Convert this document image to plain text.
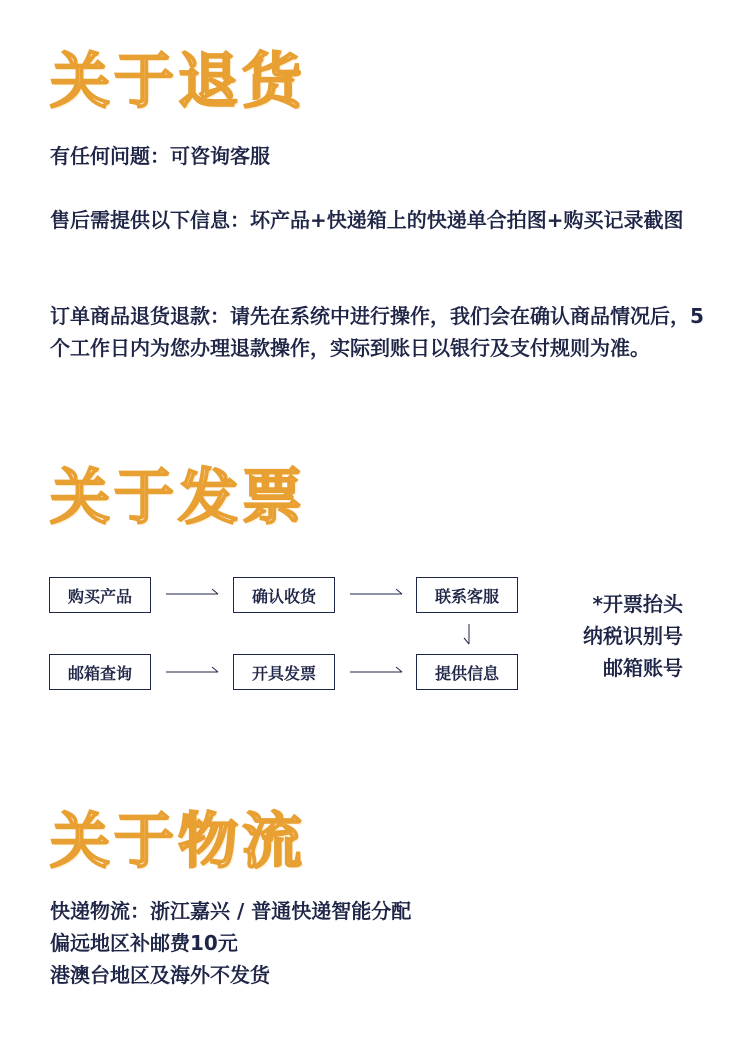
关于退货

有任何问题：可咨询客服

售后需提供以下信息：坏产品+快递箱上的快递单合拍图+购买记录截图

订单商品退货退款：请先在系统中进行操作，我们会在确认商品情况后，5个工作日内为您办理退款操作，实际到账日以银行及支付规则为准。

关于发票
购买产品	确认收货	联系客服
邮箱查询	开具发票	提供信息
*开票抬头
纳税识别号
邮箱账号
关于物流

快递物流：浙江嘉兴 / 普通快递智能分配

偏远地区补邮费10元

港澳台地区及海外不发货
